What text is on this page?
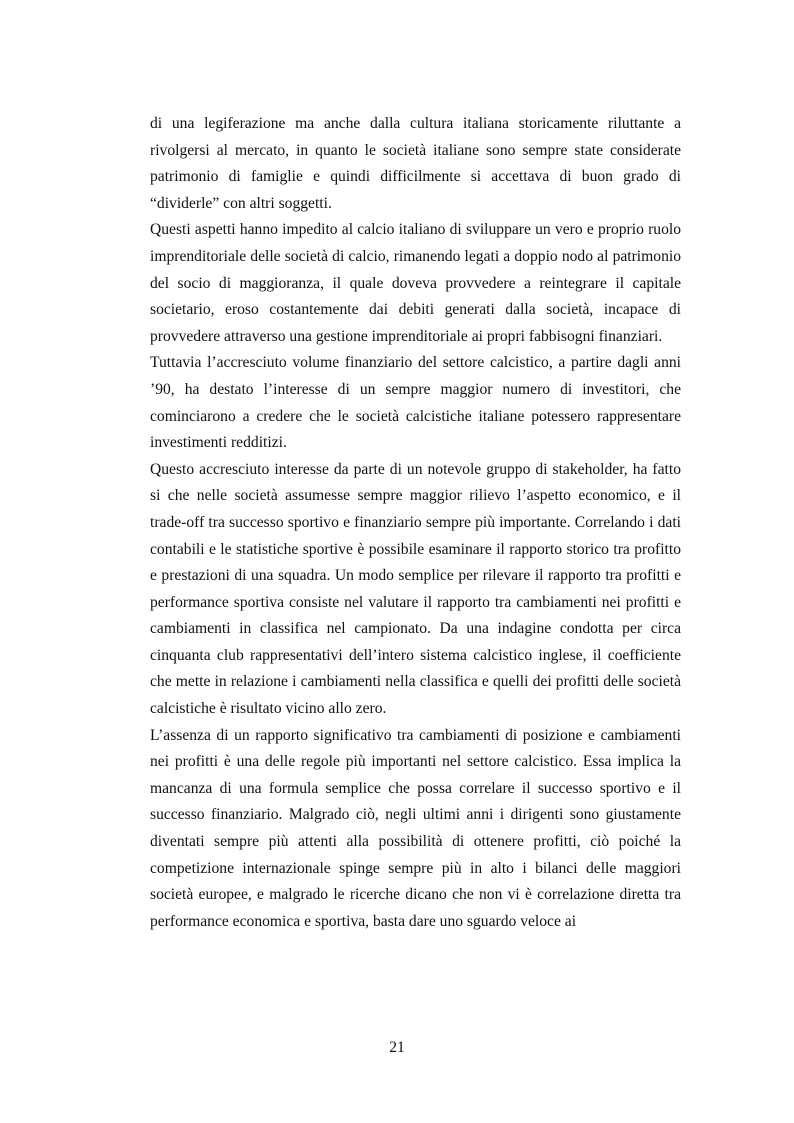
di una legiferazione ma anche dalla cultura italiana storicamente riluttante a rivolgersi al mercato, in quanto le società italiane sono sempre state considerate patrimonio di famiglie e quindi difficilmente si accettava di buon grado di “dividerle” con altri soggetti.

Questi aspetti hanno impedito al calcio italiano di sviluppare un vero e proprio ruolo imprenditoriale delle società di calcio, rimanendo legati a doppio nodo al patrimonio del socio di maggioranza, il quale doveva provvedere a reintegrare il capitale societario, eroso costantemente dai debiti generati dalla società, incapace di provvedere attraverso una gestione imprenditoriale ai propri fabbisogni finanziari.

Tuttavia l’accresciuto volume finanziario del settore calcistico, a partire dagli anni ’90, ha destato l’interesse di un sempre maggior numero di investitori, che cominciarono a credere che le società calcistiche italiane potessero rappresentare investimenti redditizi.

Questo accresciuto interesse da parte di un notevole gruppo di stakeholder, ha fatto si che nelle società assumesse sempre maggior rilievo l’aspetto economico, e il trade-off tra successo sportivo e finanziario sempre più importante. Correlando i dati contabili e le statistiche sportive è possibile esaminare il rapporto storico tra profitto e prestazioni di una squadra. Un modo semplice per rilevare il rapporto tra profitti e performance sportiva consiste nel valutare il rapporto tra cambiamenti nei profitti e cambiamenti in classifica nel campionato. Da una indagine condotta per circa cinquanta club rappresentativi dell’intero sistema calcistico inglese, il coefficiente che mette in relazione i cambiamenti nella classifica e quelli dei profitti delle società calcistiche è risultato vicino allo zero.

L’assenza di un rapporto significativo tra cambiamenti di posizione e cambiamenti nei profitti è una delle regole più importanti nel settore calcistico. Essa implica la mancanza di una formula semplice che possa correlare il successo sportivo e il successo finanziario. Malgrado ciò, negli ultimi anni i dirigenti sono giustamente diventati sempre più attenti alla possibilità di ottenere profitti, ciò poiché la competizione internazionale spinge sempre più in alto i bilanci delle maggiori società europee, e malgrado le ricerche dicano che non vi è correlazione diretta tra performance economica e sportiva, basta dare uno sguardo veloce ai

21
